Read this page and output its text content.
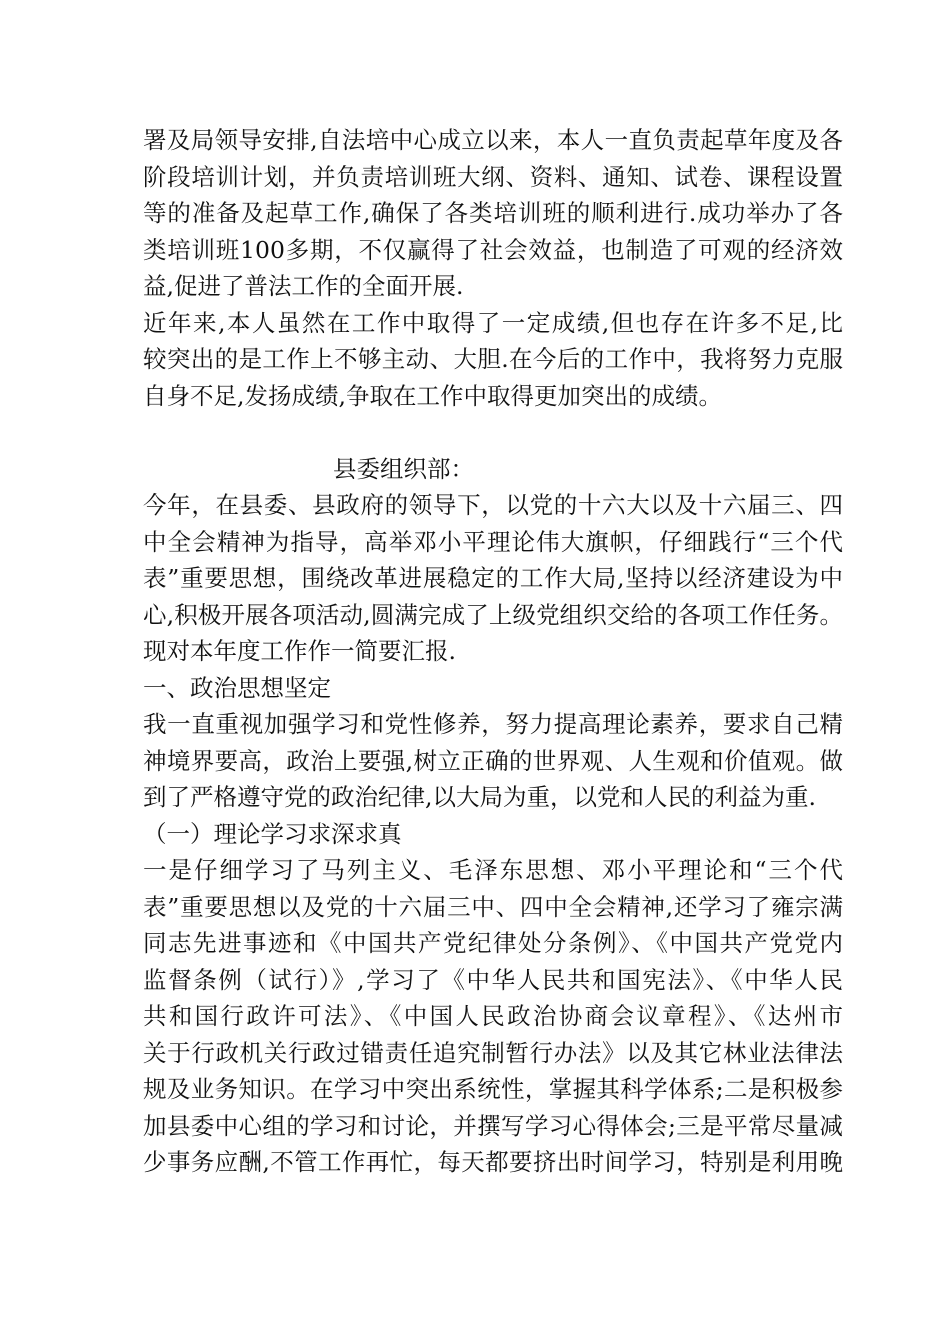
署及局领导安排,自法培中心成立以来，本人一直负责起草年度及各
阶段培训计划，并负责培训班大纲、资料、通知、试卷、课程设置
等的准备及起草工作,确保了各类培训班的顺利进行.成功举办了各
类培训班100多期，不仅赢得了社会效益，也制造了可观的经济效
益,促进了普法工作的全面开展.
近年来,本人虽然在工作中取得了一定成绩,但也存在许多不足,比
较突出的是工作上不够主动、大胆.在今后的工作中，我将努力克服
自身不足,发扬成绩,争取在工作中取得更加突出的成绩。
县委组织部：
今年，在县委、县政府的领导下，以党的十六大以及十六届三、四
中全会精神为指导，高举邓小平理论伟大旗帜，仔细践行“三个代
表”重要思想，围绕改革进展稳定的工作大局,坚持以经济建设为中
心,积极开展各项活动,圆满完成了上级党组织交给的各项工作任务。
现对本年度工作作一简要汇报.
一、政治思想坚定
我一直重视加强学习和党性修养，努力提高理论素养，要求自己精
神境界要高，政治上要强,树立正确的世界观、人生观和价值观。做
到了严格遵守党的政治纪律,以大局为重，以党和人民的利益为重.
（一）理论学习求深求真
一是仔细学习了马列主义、毛泽东思想、邓小平理论和“三个代
表”重要思想以及党的十六届三中、四中全会精神,还学习了雍宗满
同志先进事迹和《中国共产党纪律处分条例》、《中国共产党党内
监督条例（试行）》,学习了《中华人民共和国宪法》、《中华人民
共和国行政许可法》、《中国人民政治协商会议章程》、《达州市
关于行政机关行政过错责任追究制暂行办法》以及其它林业法律法
规及业务知识。在学习中突出系统性，掌握其科学体系;二是积极参
加县委中心组的学习和讨论，并撰写学习心得体会;三是平常尽量减
少事务应酬,不管工作再忙，每天都要挤出时间学习，特别是利用晚
